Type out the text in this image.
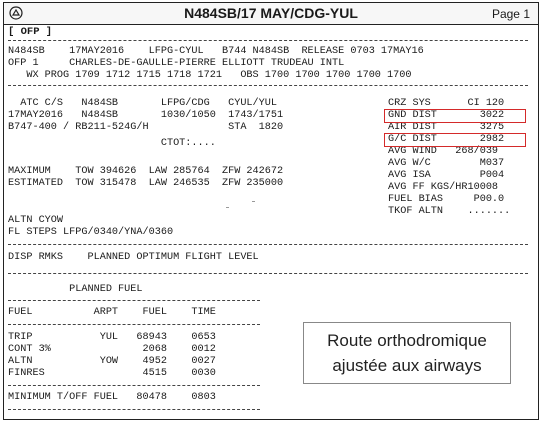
N484SB/17 MAY/CDG-YUL	Page 1
[ OFP ]
N484SB    17MAY2016    LFPG-CYUL   B744 N484SB  RELEASE 0703 17MAY16
OFP 1     CHARLES-DE-GAULLE-PIERRE ELLIOTT TRUDEAU INTL
WX PROG 1709 1712 1715 1718 1721   OBS 1700 1700 1700 1700 1700
ATC C/S   N484SB       LFPG/CDG   CYUL/YUL
17MAY2016   N484SB       1030/1050  1743/1751
B747-400 / RB211-524G/H             STA  1820
CTOT:....
MAXIMUM    TOW 394626  LAW 285764  ZFW 242672
ESTIMATED  TOW 315478  LAW 246535  ZFW 235000
ALTN CYOW
FL STEPS LFPG/0340/YNA/0360
CRZ SYS      CI 120
GND DIST       3022
AIR DIST       3275
G/C DIST       2982
AVG WIND   268/039
AVG W/C        M037
AVG ISA        P004
AVG FF KGS/HR10008
FUEL BIAS     P00.0
TKOF ALTN    .......
DISP RMKS    PLANNED OPTIMUM FLIGHT LEVEL
PLANNED FUEL
FUEL          ARPT    FUEL    TIME
TRIP           YUL   68943    0653
CONT 3%               2068    0012
ALTN           YOW    4952    0027
FINRES                4515    0030
MINIMUM T/OFF FUEL   80478    0803
Route orthodromique
ajustée aux airways
